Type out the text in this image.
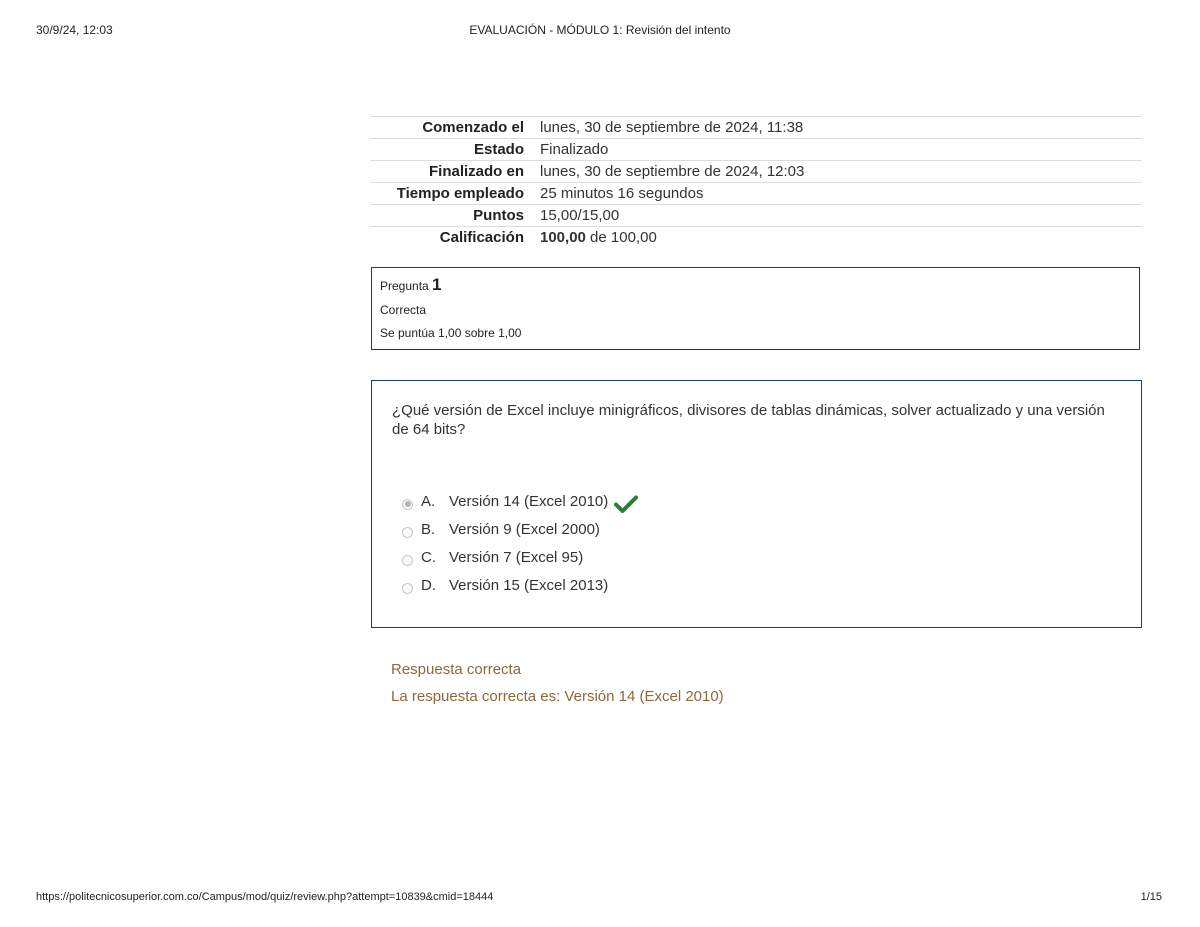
30/9/24, 12:03	EVALUACIÓN - MÓDULO 1: Revisión del intento
Comenzado el	lunes, 30 de septiembre de 2024, 11:38
Estado	Finalizado
Finalizado en	lunes, 30 de septiembre de 2024, 12:03
Tiempo empleado	25 minutos 16 segundos
Puntos	15,00/15,00
Calificación	100,00 de 100,00
Pregunta 1
Correcta
Se puntúa 1,00 sobre 1,00
¿Qué versión de Excel incluye minigráficos, divisores de tablas dinámicas, solver actualizado y una versión de 64 bits?
A. Versión 14 (Excel 2010)
B. Versión 9 (Excel 2000)
C. Versión 7 (Excel 95)
D. Versión 15 (Excel 2013)
Respuesta correcta
La respuesta correcta es: Versión 14 (Excel 2010)
https://politecnicosuperior.com.co/Campus/mod/quiz/review.php?attempt=10839&cmid=18444	1/15
